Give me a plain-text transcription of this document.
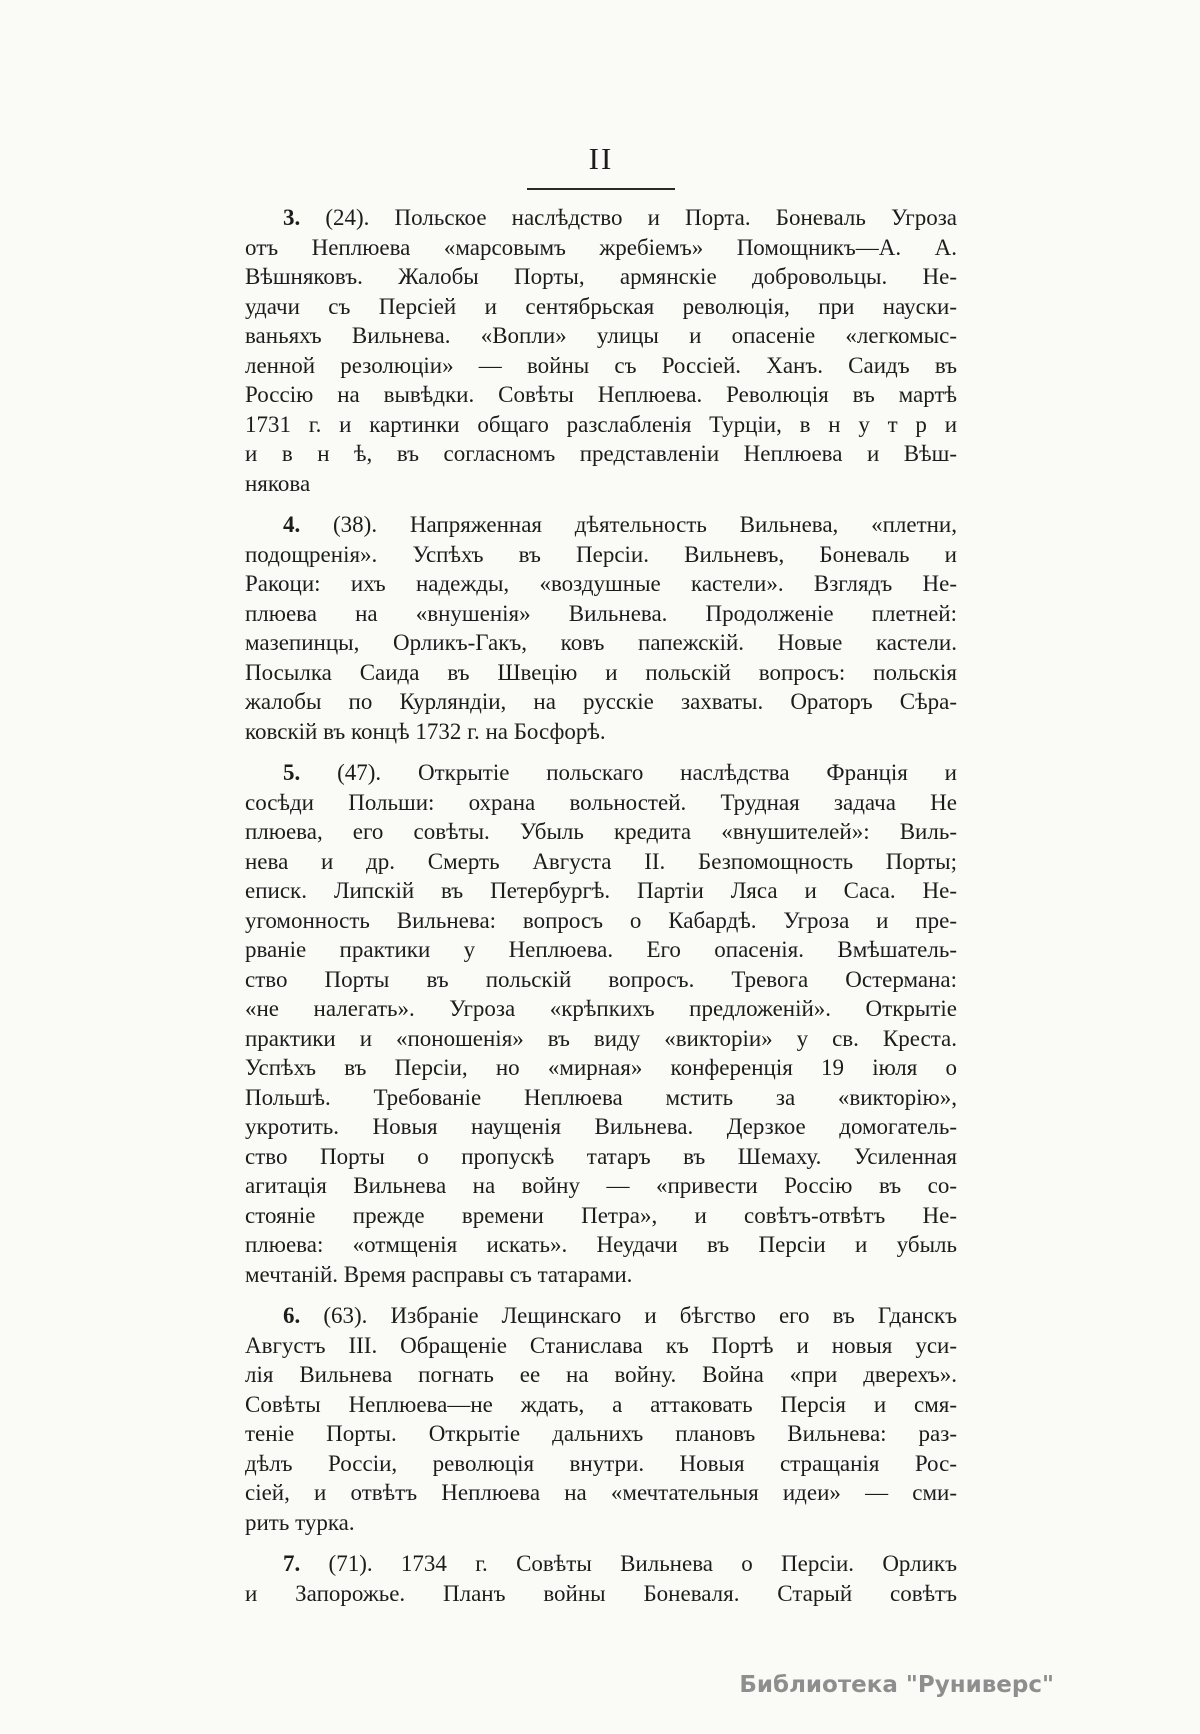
II
3. (24). Польское наслѣдство и Порта. Боневаль Угроза
отъ Неплюева «марсовымъ жребіемъ» Помощникъ—А. А.
Вѣшняковъ. Жалобы Порты, армянскіе добровольцы. Не-
удачи съ Персіей и сентябрьская революція, при науски-
ваньяхъ Вильнева. «Вопли» улицы и опасеніе «легкомыс-
ленной резолюціи» — войны съ Россіей. Ханъ. Саидъ въ
Россію на вывѣдки. Совѣты Неплюева. Революція въ мартѣ
1731 г. и картинки общаго разслабленія Турціи, в н у т р и
и в н ѣ, въ согласномъ представленіи Неплюева и Вѣш-
някова
4. (38). Напряженная дѣятельность Вильнева, «плетни,
подощренія». Успѣхъ въ Персіи. Вильневъ, Боневаль и
Ракоци: ихъ надежды, «воздушные кастели». Взглядъ Не-
плюева на «внушенія» Вильнева. Продолженіе плетней:
мазепинцы, Орликъ-Гакъ, ковъ папежскій. Новые кастели.
Посылка Саида въ Швецію и польскій вопросъ: польскія
жалобы по Курляндіи, на русскіе захваты. Ораторъ Сѣра-
ковскій въ концѣ 1732 г. на Босфорѣ.
5. (47). Открытіе польскаго наслѣдства Франція и
сосѣди Польши: охрана вольностей. Трудная задача Не
плюева, его совѣты. Убыль кредита «внушителей»: Виль-
нева и др. Смерть Августа II. Безпомощность Порты;
еписк. Липскій въ Петербургѣ. Партіи Ляса и Саса. Не-
угомонность Вильнева: вопросъ о Кабардѣ. Угроза и пре-
рваніе практики у Неплюева. Его опасенія. Вмѣшатель-
ство Порты въ польскій вопросъ. Тревога Остермана:
«не налегать». Угроза «крѣпкихъ предложеній». Открытіе
практики и «поношенія» въ виду «викторіи» у св. Креста.
Успѣхъ въ Персіи, но «мирная» конференція 19 іюля о
Польшѣ. Требованіе Неплюева мстить за «викторію»,
укротить. Новыя наущенія Вильнева. Дерзкое домогатель-
ство Порты о пропускѣ татаръ въ Шемаху. Усиленная
агитація Вильнева на войну — «привести Россію въ со-
стояніе прежде времени Петра», и совѣтъ-отвѣтъ Не-
плюева: «отмщенія искать». Неудачи въ Персіи и убыль
мечтаній. Время расправы съ татарами.
6. (63). Избраніе Лещинскаго и бѣгство его въ Гданскъ
Августъ III. Обращеніе Станислава къ Портѣ и новыя уси-
лія Вильнева погнать ее на войну. Война «при дверехъ».
Совѣты Неплюева—не ждать, а аттаковать Персія и смя-
теніе Порты. Открытіе дальнихъ плановъ Вильнева: раз-
дѣлъ Россіи, революція внутри. Новыя стращанія Рос-
сіей, и отвѣтъ Неплюева на «мечтательныя идеи» — сми-
рить турка.
7. (71). 1734 г. Совѣты Вильнева о Персіи. Орликъ
и Запорожье. Планъ войны Боневаля. Старый совѣтъ
Библиотека "Руниверс"
